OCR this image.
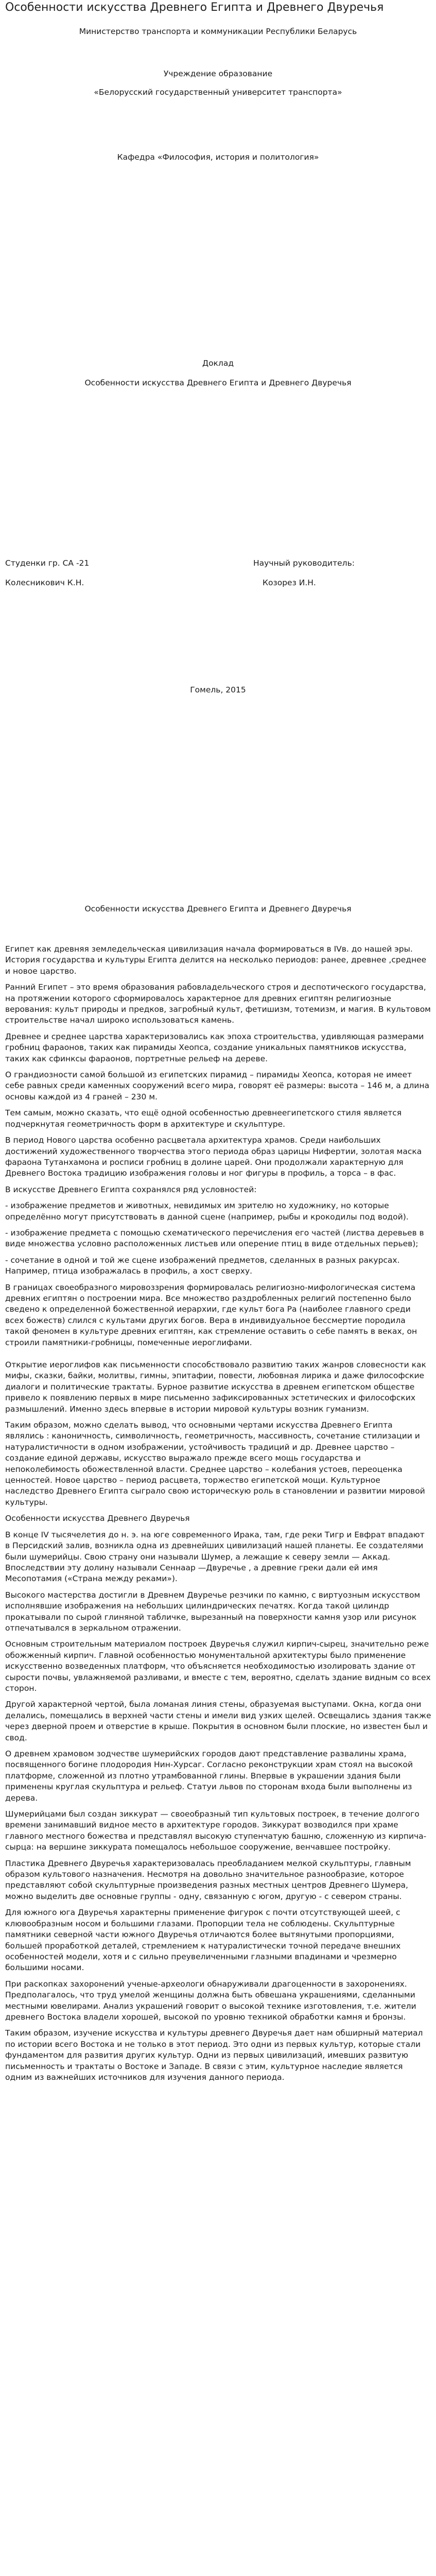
Особенности искусства Древнего Египта и Древнего Двуречья
Министерство транспорта и коммуникации Республики Беларусь
Учреждение образование
«Белорусский государственный университет транспорта»
Кафедра «Философия, история и политология»
Доклад
Особенности искусства Древнего Египта и Древнего Двуречья
Студенки гр. СА -21	Научный руководитель:
Колесникович К.Н.	Козорез И.Н.
Гомель, 2015
Особенности искусства Древнего Египта и Древнего Двуречья

Египет как древняя земледельческая цивилизация начала формироваться в IVв. до нашей эры. История государства и культуры Египта делится на несколько периодов: ранее, древнее ,среднее и новое царство.

Ранний Египет – это время образования рабовладельческого строя и деспотического государства, на протяжении которого сформировалось характерное для древних египтян религиозные верования: культ природы и предков, загробный культ, фетишизм, тотемизм, и магия. В культовом строительстве начал широко использоваться камень.

Древнее и среднее царства характеризовались как эпоха строительства, удивляющая размерами гробниц фараонов, таких как пирамиды Хеопса, создание уникальных памятников искусства, таких как сфинксы фараонов, портретные рельеф на дереве.

О грандиозности самой большой из египетских пирамид – пирамиды Хеопса, которая не имеет себе равных среди каменных сооружений всего мира, говорят её размеры: высота – 146 м, а длина основы каждой из 4 граней – 230 м.

Тем самым, можно сказать, что ещё одной особенностью древнеегипетского стиля является подчеркнутая геометричность форм в архитектуре и скульптуре.

В период Нового царства особенно расцветала архитектура храмов. Среди наибольших достижений художественного творчества этого периода образ царицы Нифертии, золотая маска фараона Тутанхамона и росписи гробниц в долине царей. Они продолжали характерную для Древнего Востока традицию изображения головы и ног фигуры в профиль, а торса – в фас.

В искусстве Древнего Египта сохранялся ряд условностей:

- изображение предметов и животных, невидимых им зрителю но художнику, но которые определённо могут присутствовать в данной сцене (например, рыбы и крокодилы под водой).

- изображение предмета с помощью схематического перечисления его частей (листва деревьев в виде множества условно расположенных листьев или оперение птиц в виде отдельных перьев);

- сочетание в одной и той же сцене изображений предметов, сделанных в разных ракурсах. Например, птица изображалась в профиль, а хост сверху.

В границах своеобразного мировоззрения формировалась религиозно-мифологическая система древних египтян о построении мира. Все множество раздробленных религий постепенно было сведено к определенной божественной иерархии, где культ бога Ра (наиболее главного среди всех божеств) слился с культами других богов. Вера в индивидуальное бессмертие породила такой феномен в культуре древних египтян, как стремление оставить о себе память в веках, он строили памятники-гробницы, помеченные иероглифами.

Открытие иероглифов как письменности способствовало развитию таких жанров словесности как мифы, сказки, байки, молитвы, гимны, эпитафии, повести, любовная лирика и даже философские диалоги и политические трактаты. Бурное развитие искусства в древнем египетском обществе привело к появлению первых в мире письменно зафиксированных эстетических и философских размышлений. Именно здесь впервые в истории мировой культуры возник гуманизм.

Таким образом, можно сделать вывод, что основными чертами искусства Древнего Египта являлись : каноничность, символичность, геометричность, массивность, сочетание стилизации и натуралистичности в одном изображении, устойчивость традиций и др. Древнее царство – создание единой державы, искусство выражало прежде всего мощь государства и непоколебимость обожествленной власти. Среднее царство – колебания устоев, переоценка ценностей. Новое царство – период расцвета, торжество египетской мощи. Культурное наследство Древнего Египта сыграло свою историческую роль в становлении и развитии мировой культуры.

Особенности искусства Древнего Двуречья

В конце IV тысячелетия до н. э. на юге современного Ирака, там, где реки Тигр и Евфрат впадают в Персидский залив, возникла одна из древнейших цивилизаций нашей планеты. Ее создателями были шумерийцы. Свою страну они называли Шумер, а лежащие к северу земли — Аккад. Впоследствии эту долину называли Сеннаар —Двуречье , а древние греки дали ей имя Месопотамия («Страна между реками»).

Высокого мастерства достигли в Древнем Двуречье резчики по камню, с виртуозным искусством исполнявшие изображения на небольших цилиндрических печатях. Когда такой цилиндр прокатывали по сырой глиняной табличке, вырезанный на поверхности камня узор или рисунок отпечатывался в зеркальном отражении.

Основным строительным материалом построек Двуречья служил кирпич-сырец, значительно реже обожженный кирпич. Главной особенностью монументальной архитектуры было применение искусственно возведенных платформ, что объясняется необходимостью изолировать здание от сырости почвы, увлажняемой разливами, и вместе с тем, вероятно, сделать здание видным со всех сторон.

Другой характерной чертой, была ломаная линия стены, образуемая выступами. Окна, когда они делались, помещались в верхней части стены и имели вид узких щелей. Освещались здания также через дверной проем и отверстие в крыше. Покрытия в основном были плоские, но известен был и свод.

О древнем храмовом зодчестве шумерийских городов дают представление развалины храма, посвященного богине плодородия Нин-Хурсаг. Согласно реконструкции храм стоял на высокой платформе, сложенной из плотно утрамбованной глины. Впервые в украшении здания были применены круглая скульптура и рельеф. Статуи львов по сторонам входа были выполнены из дерева.

Шумерийцами был создан зиккурат — своеобразный тип культовых построек, в течение долгого времени занимавший видное место в архитектуре городов. Зиккурат возводился при храме главного местного божества и представлял высокую ступенчатую башню, сложенную из кирпича-сырца: на вершине зиккурата помещалось небольшое сооружение, венчавшее постройку.

Пластика Древнего Двуречья характеризовалась преобладанием мелкой скульптуры, главным образом культового назначения. Несмотря на довольно значительное разнообразие, которое представляют собой скульптурные произведения разных местных центров Древнего Шумера, можно выделить две основные группы - одну, связанную с югом, другую - с севером страны.

Для южного юга Двуречья характерны применение фигурок с почти отсутствующей шеей, с клювообразным носом и большими глазами. Пропорции тела не соблюдены. Скульптурные памятники северной части южного Двуречья отличаются более вытянутыми пропорциями, большей проработкой деталей, стремлением к натуралистически точной передаче внешних особенностей модели, хотя и с сильно преувеличенными глазными впадинами и чрезмерно большими носами.

При раскопках захоронений ученые-археологи обнаруживали драгоценности в захоронениях. Предполагалось, что труд умелой женщины должна быть обвешана украшениями, сделанными местными ювелирами. Анализ украшений говорит о высокой технике изготовления, т.е. жители древнего Востока владели хорошей, высокой по уровню техникой обработки камня и бронзы.

Таким образом, изучение искусства и культуры древнего Двуречья дает нам обширный материал по истории всего Востока и не только в этот период. Это одни из первых культур, которые стали фундаментом для развития других культур. Одни из первых цивилизаций, имевших развитую письменность и трактаты о Востоке и Западе. В связи с этим, культурное наследие является одним из важнейших источников для изучения данного периода.
